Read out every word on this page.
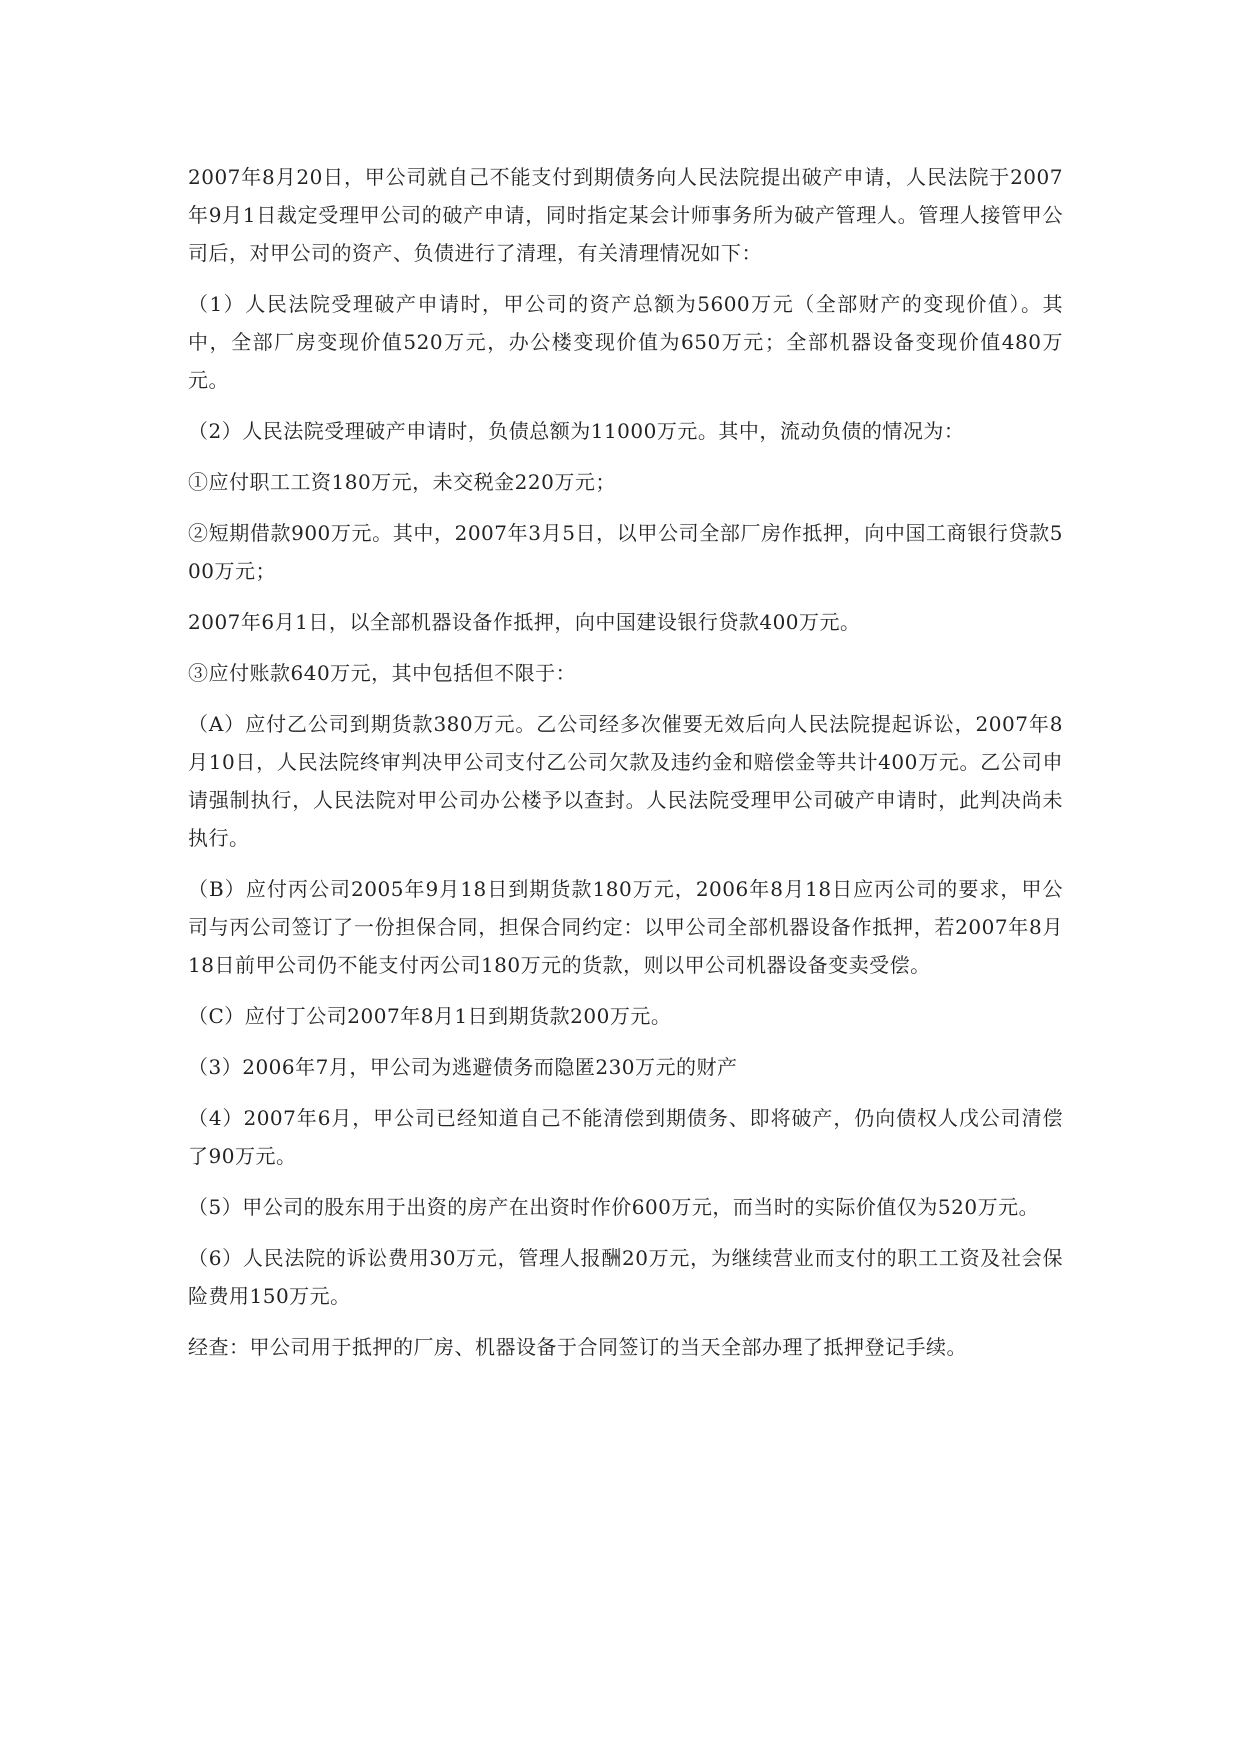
2007年8月20日，甲公司就自己不能支付到期债务向人民法院提出破产申请，人民法院于2007年9月1日裁定受理甲公司的破产申请，同时指定某会计师事务所为破产管理人。管理人接管甲公司后，对甲公司的资产、负债进行了清理，有关清理情况如下：

（1）人民法院受理破产申请时，甲公司的资产总额为5600万元（全部财产的变现价值）。其中，全部厂房变现价值520万元，办公楼变现价值为650万元；全部机器设备变现价值480万元。

（2）人民法院受理破产申请时，负债总额为11000万元。其中，流动负债的情况为：

①应付职工工资180万元，未交税金220万元；

②短期借款900万元。其中，2007年3月5日，以甲公司全部厂房作抵押，向中国工商银行贷款500万元；

2007年6月1日，以全部机器设备作抵押，向中国建设银行贷款400万元。

③应付账款640万元，其中包括但不限于：

（A）应付乙公司到期货款380万元。乙公司经多次催要无效后向人民法院提起诉讼，2007年8月10日，人民法院终审判决甲公司支付乙公司欠款及违约金和赔偿金等共计400万元。乙公司申请强制执行，人民法院对甲公司办公楼予以查封。人民法院受理甲公司破产申请时，此判决尚未执行。

（B）应付丙公司2005年9月18日到期货款180万元，2006年8月18日应丙公司的要求，甲公司与丙公司签订了一份担保合同，担保合同约定：以甲公司全部机器设备作抵押，若2007年8月18日前甲公司仍不能支付丙公司180万元的货款，则以甲公司机器设备变卖受偿。

（C）应付丁公司2007年8月1日到期货款200万元。

（3）2006年7月，甲公司为逃避债务而隐匿230万元的财产

（4）2007年6月，甲公司已经知道自己不能清偿到期债务、即将破产，仍向债权人戊公司清偿了90万元。

（5）甲公司的股东用于出资的房产在出资时作价600万元，而当时的实际价值仅为520万元。

（6）人民法院的诉讼费用30万元，管理人报酬20万元，为继续营业而支付的职工工资及社会保险费用150万元。

经查：甲公司用于抵押的厂房、机器设备于合同签订的当天全部办理了抵押登记手续。
